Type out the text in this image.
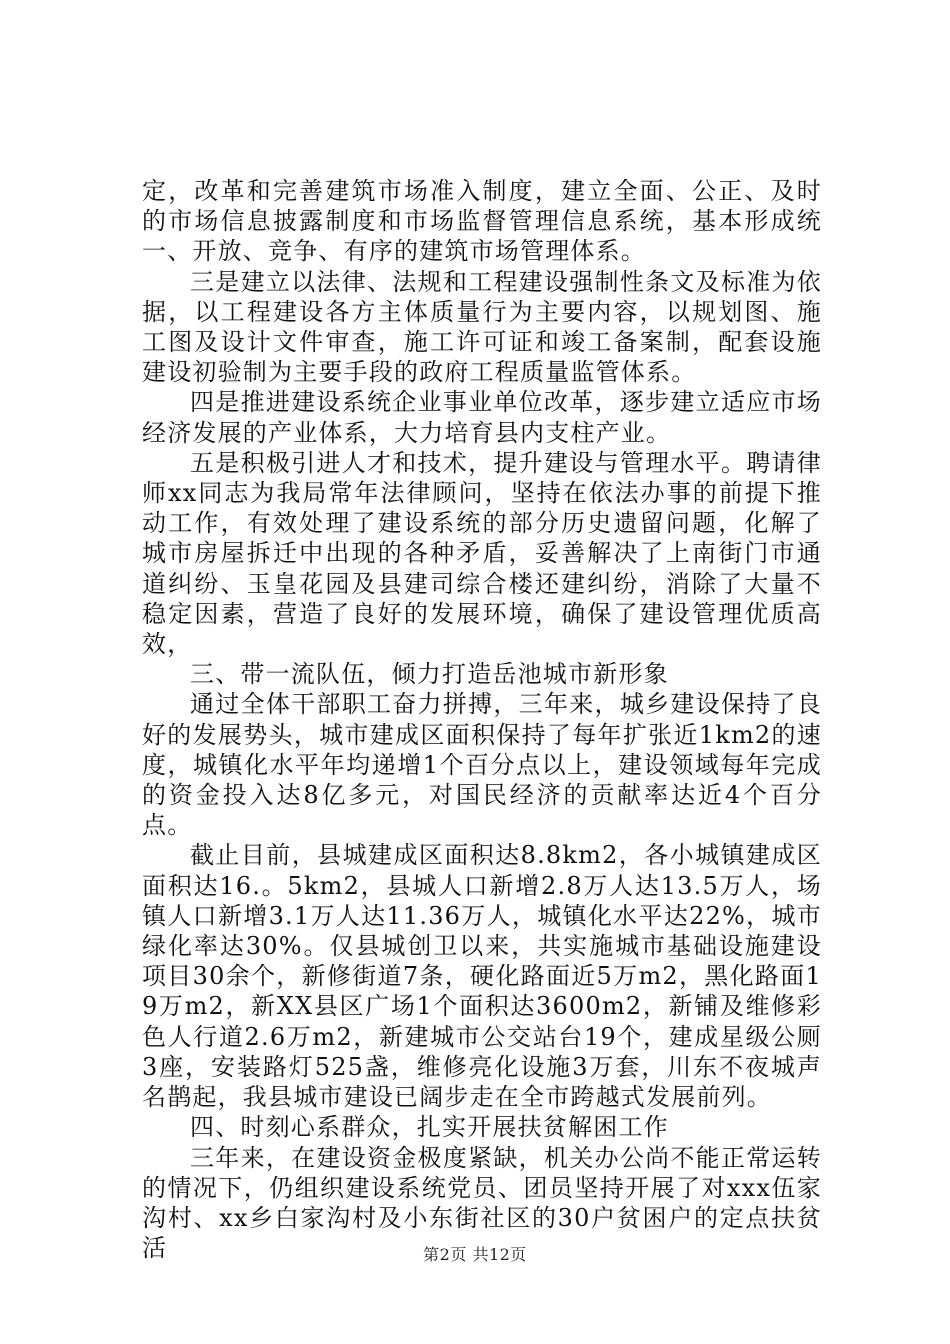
定，改革和完善建筑市场准入制度，建立全面、公正、及时的市场信息披露制度和市场监督管理信息系统，基本形成统一、开放、竞争、有序的建筑市场管理体系。

三是建立以法律、法规和工程建设强制性条文及标准为依据，以工程建设各方主体质量行为主要内容，以规划图、施工图及设计文件审查，施工许可证和竣工备案制，配套设施建设初验制为主要手段的政府工程质量监管体系。

四是推进建设系统企业事业单位改革，逐步建立适应市场经济发展的产业体系，大力培育县内支柱产业。

五是积极引进人才和技术，提升建设与管理水平。聘请律师xx同志为我局常年法律顾问，坚持在依法办事的前提下推动工作，有效处理了建设系统的部分历史遗留问题，化解了城市房屋拆迁中出现的各种矛盾，妥善解决了上南街门市通道纠纷、玉皇花园及县建司综合楼还建纠纷，消除了大量不稳定因素，营造了良好的发展环境，确保了建设管理优质高效，

三、带一流队伍，倾力打造岳池城市新形象

通过全体干部职工奋力拼搏，三年来，城乡建设保持了良好的发展势头，城市建成区面积保持了每年扩张近1km2的速度，城镇化水平年均递增1个百分点以上，建设领域每年完成的资金投入达8亿多元，对国民经济的贡献率达近4个百分点。

截止目前，县城建成区面积达8.8km2，各小城镇建成区面积达16.。5km2，县城人口新增2.8万人达13.5万人，场镇人口新增3.1万人达11.36万人，城镇化水平达22%，城市绿化率达30%。仅县城创卫以来，共实施城市基础设施建设项目30余个，新修街道7条，硬化路面近5万m2，黑化路面19万m2，新XX县区广场1个面积达3600m2，新铺及维修彩色人行道2.6万m2，新建城市公交站台19个，建成星级公厕3座，安装路灯525盏，维修亮化设施3万套，川东不夜城声名鹊起，我县城市建设已阔步走在全市跨越式发展前列。

四、时刻心系群众，扎实开展扶贫解困工作

三年来，在建设资金极度紧缺，机关办公尚不能正常运转的情况下，仍组织建设系统党员、团员坚持开展了对xxx伍家沟村、xx乡白家沟村及小东街社区的30户贫困户的定点扶贫活	第2页 共12页
